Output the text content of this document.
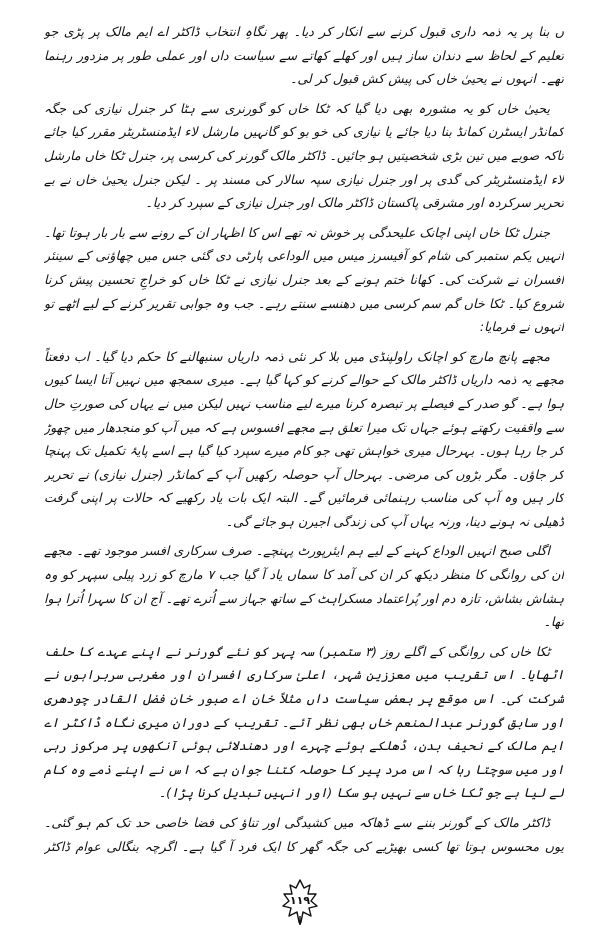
ں بنا پر یہ ذمہ داری قبول کرنے سے انکار کر دیا۔ پھر نگاہِ انتخاب ڈاکٹر اے ایم مالک پر پڑی جو تعلیم کے لحاظ سے دندان ساز ہیں اور کھلے کھاتے سے سیاست داں اور عملی طور پر مزدور رہنما تھے۔ انہوں نے یحییٰ خاں کی پیش کش قبول کر لی۔

یحییٰ خاں کو یہ مشورہ بھی دیا گیا کہ ٹکا خاں کو گورنری سے ہٹا کر جنرل نیازی کی جگہ کمانڈر ایسٹرن کمانڈ بنا دیا جائے یا نیازی کی خو بو کو گانہیں مارشل لاء ایڈمنسٹریٹر مقرر کیا جائے تاکہ صوبے میں تین بڑی شخصیتیں ہو جائیں۔ ڈاکٹر مالک گورنر کی کرسی پر، جنرل ٹکا خاں مارشل لاء ایڈمنسٹریٹر کی گدی پر اور جنرل نیازی سپہ سالار کی مسند پر ۔ لیکن جنرل یحییٰ خاں نے بے تحریر سرکردہ اور مشرقی پاکستان ڈاکٹر مالک اور جنرل نیازی کے سپرد کر دیا۔

جنرل ٹکا خاں اپنی اچانک علیحدگی پر خوش نہ تھے اس کا اظہار ان کے رونے سے بار بار ہوتا تھا۔ انہیں یکم ستمبر کی شام کو آفیسرز میس میں الوداعی پارٹی دی گئی جس میں چھاؤنی کے سینئر افسران نے شرکت کی۔ کھانا ختم ہونے کے بعد جنرل نیازی نے ٹکا خاں کو خراجِ تحسین پیش کرنا شروع کیا۔ ٹکا خاں گم سم کرسی میں دھنسے سنتے رہے۔ جب وہ جوابی تقریر کرنے کے لیے اٹھے تو انہوں نے فرمایا:

مجھے پانچ مارچ کو اچانک راولپنڈی میں بلا کر نئی ذمہ داریاں سنبھالنے کا حکم دیا گیا۔ اب دفعتاً مجھے یہ ذمہ داریاں ڈاکٹر مالک کے حوالے کرنے کو کہا گیا ہے۔ میری سمجھ میں نہیں آتا ایسا کیوں ہوا ہے۔ گو صدر کے فیصلے پر تبصرہ کرنا میرے لیے مناسب نہیں لیکن میں نے یہاں کی صورتِ حال سے واقفیت رکھتے ہوئے جہاں تک میرا تعلق ہے مجھے افسوس ہے کہ میں آپ کو منجدھار میں چھوڑ کر جا رہا ہوں۔ بہرحال میری خواہش تھی جو کام میرے سپرد کیا گیا ہے اسے پایۂ تکمیل تک پہنچا کر جاؤں۔ مگر بڑوں کی مرضی۔ بہرحال آپ حوصلہ رکھیں آپ کے کمانڈر (جنرل نیازی) نے تحریر کار ہیں وہ آپ کی مناسب رہنمائی فرمائیں گے۔ البتہ ایک بات یاد رکھیے کہ حالات پر اپنی گرفت ڈھیلی نہ ہونے دینا، ورنہ یہاں آپ کی زندگی اجیرن ہو جائے گی۔

اگلی صبح انہیں الوداع کہنے کے لیے ہم ایئرپورٹ پہنچے۔ صرف سرکاری افسر موجود تھے۔ مجھے ان کی روانگی کا منظر دیکھ کر ان کی آمد کا سماں یاد آ گیا جب ۷ مارچ کو زرد پیلی سپہر کو وہ ہشاش بشاش، تازہ دم اور پُراعتماد مسکراہٹ کے ساتھ جہاز سے اُترے تھے۔ آج ان کا سہرا اُترا ہوا تھا۔

ٹکا خاں کی روانگی کے اگلے روز (۳ ستمبر) سہ پہر کو نئے گورنر نے اپنے عہدے کا حلف اٹھایا۔ اس تقریب میں معززین شہر، اعلیٰ سرکاری افسران اور مغربی سربراہوں نے شرکت کی۔ اس موقع پر بعض سیاست داں مثلاً خان اے صبور خان فضل القادر چودھری اور سابق گورنر عبدالمنعم خاں بھی نظر آئے۔ تقریب کے دوران میری نگاہ ڈاکٹر اے ایم مالک کے نحیف بدن، ڈھلکے ہوئے چہرے اور دھندلائی ہوئی آنکھوں پر مرکوز رہی اور میں سوچتا رہا کہ اس مرد پیر کا حوصلہ کتنا جوان ہے کہ اس نے اپنے ذمے وہ کام لے لیا ہے جو ٹکا خاں سے نہیں ہو سکا (اور انہیں تبدیل کرنا پڑا)۔

ڈاکٹر مالک کے گورنر بننے سے ڈھاکہ میں کشیدگی اور تناؤ کی فضا خاصی حد تک کم ہو گئی۔ یوں محسوس ہوتا تھا کسی بھیڑیے کی جگہ گھر کا ایک فرد آ گیا ہے۔ اگرچہ بنگالی عوام ڈاکٹر

۱۱۹
